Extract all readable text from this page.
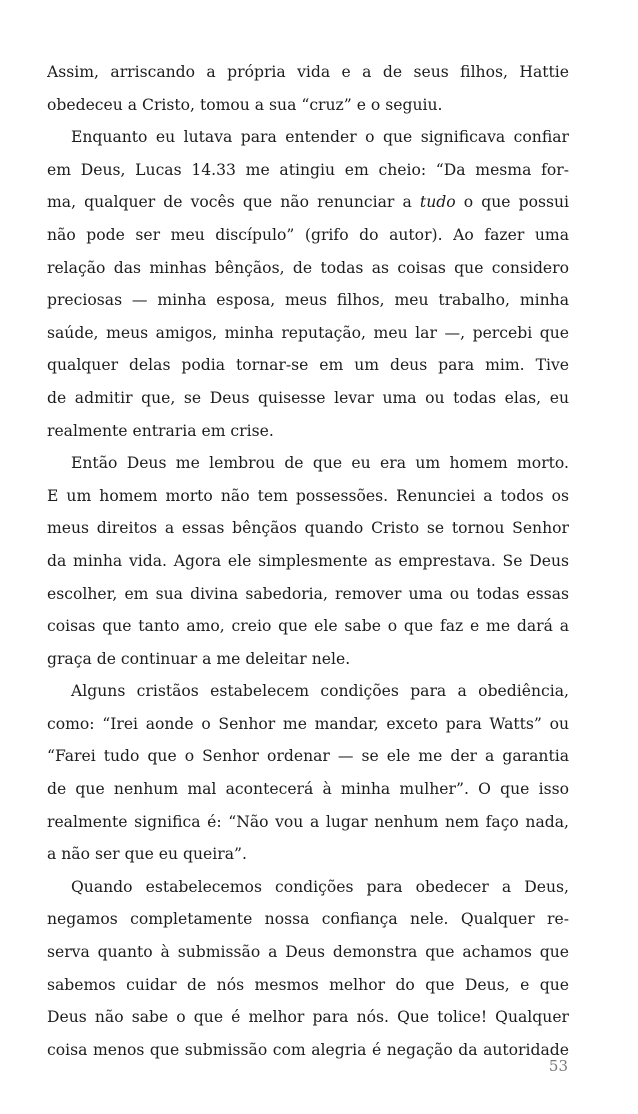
Assim, arriscando a própria vida e a de seus filhos, Hattie
obedeceu a Cristo, tomou a sua “cruz” e o seguiu.
Enquanto eu lutava para entender o que significava confiar
em Deus, Lucas 14.33 me atingiu em cheio: “Da mesma for-
ma, qualquer de vocês que não renunciar a tudo o que possui
não pode ser meu discípulo” (grifo do autor). Ao fazer uma
relação das minhas bênçãos, de todas as coisas que considero
preciosas — minha esposa, meus filhos, meu trabalho, minha
saúde, meus amigos, minha reputação, meu lar —, percebi que
qualquer delas podia tornar-se em um deus para mim. Tive
de admitir que, se Deus quisesse levar uma ou todas elas, eu
realmente entraria em crise.
Então Deus me lembrou de que eu era um homem morto.
E um homem morto não tem possessões. Renunciei a todos os
meus direitos a essas bênçãos quando Cristo se tornou Senhor
da minha vida. Agora ele simplesmente as emprestava. Se Deus
escolher, em sua divina sabedoria, remover uma ou todas essas
coisas que tanto amo, creio que ele sabe o que faz e me dará a
graça de continuar a me deleitar nele.
Alguns cristãos estabelecem condições para a obediência,
como: “Irei aonde o Senhor me mandar, exceto para Watts” ou
“Farei tudo que o Senhor ordenar — se ele me der a garantia
de que nenhum mal acontecerá à minha mulher”. O que isso
realmente significa é: “Não vou a lugar nenhum nem faço nada,
a não ser que eu queira”.
Quando estabelecemos condições para obedecer a Deus,
negamos completamente nossa confiança nele. Qualquer re-
serva quanto à submissão a Deus demonstra que achamos que
sabemos cuidar de nós mesmos melhor do que Deus, e que
Deus não sabe o que é melhor para nós. Que tolice! Qualquer
coisa menos que submissão com alegria é negação da autoridade
53
